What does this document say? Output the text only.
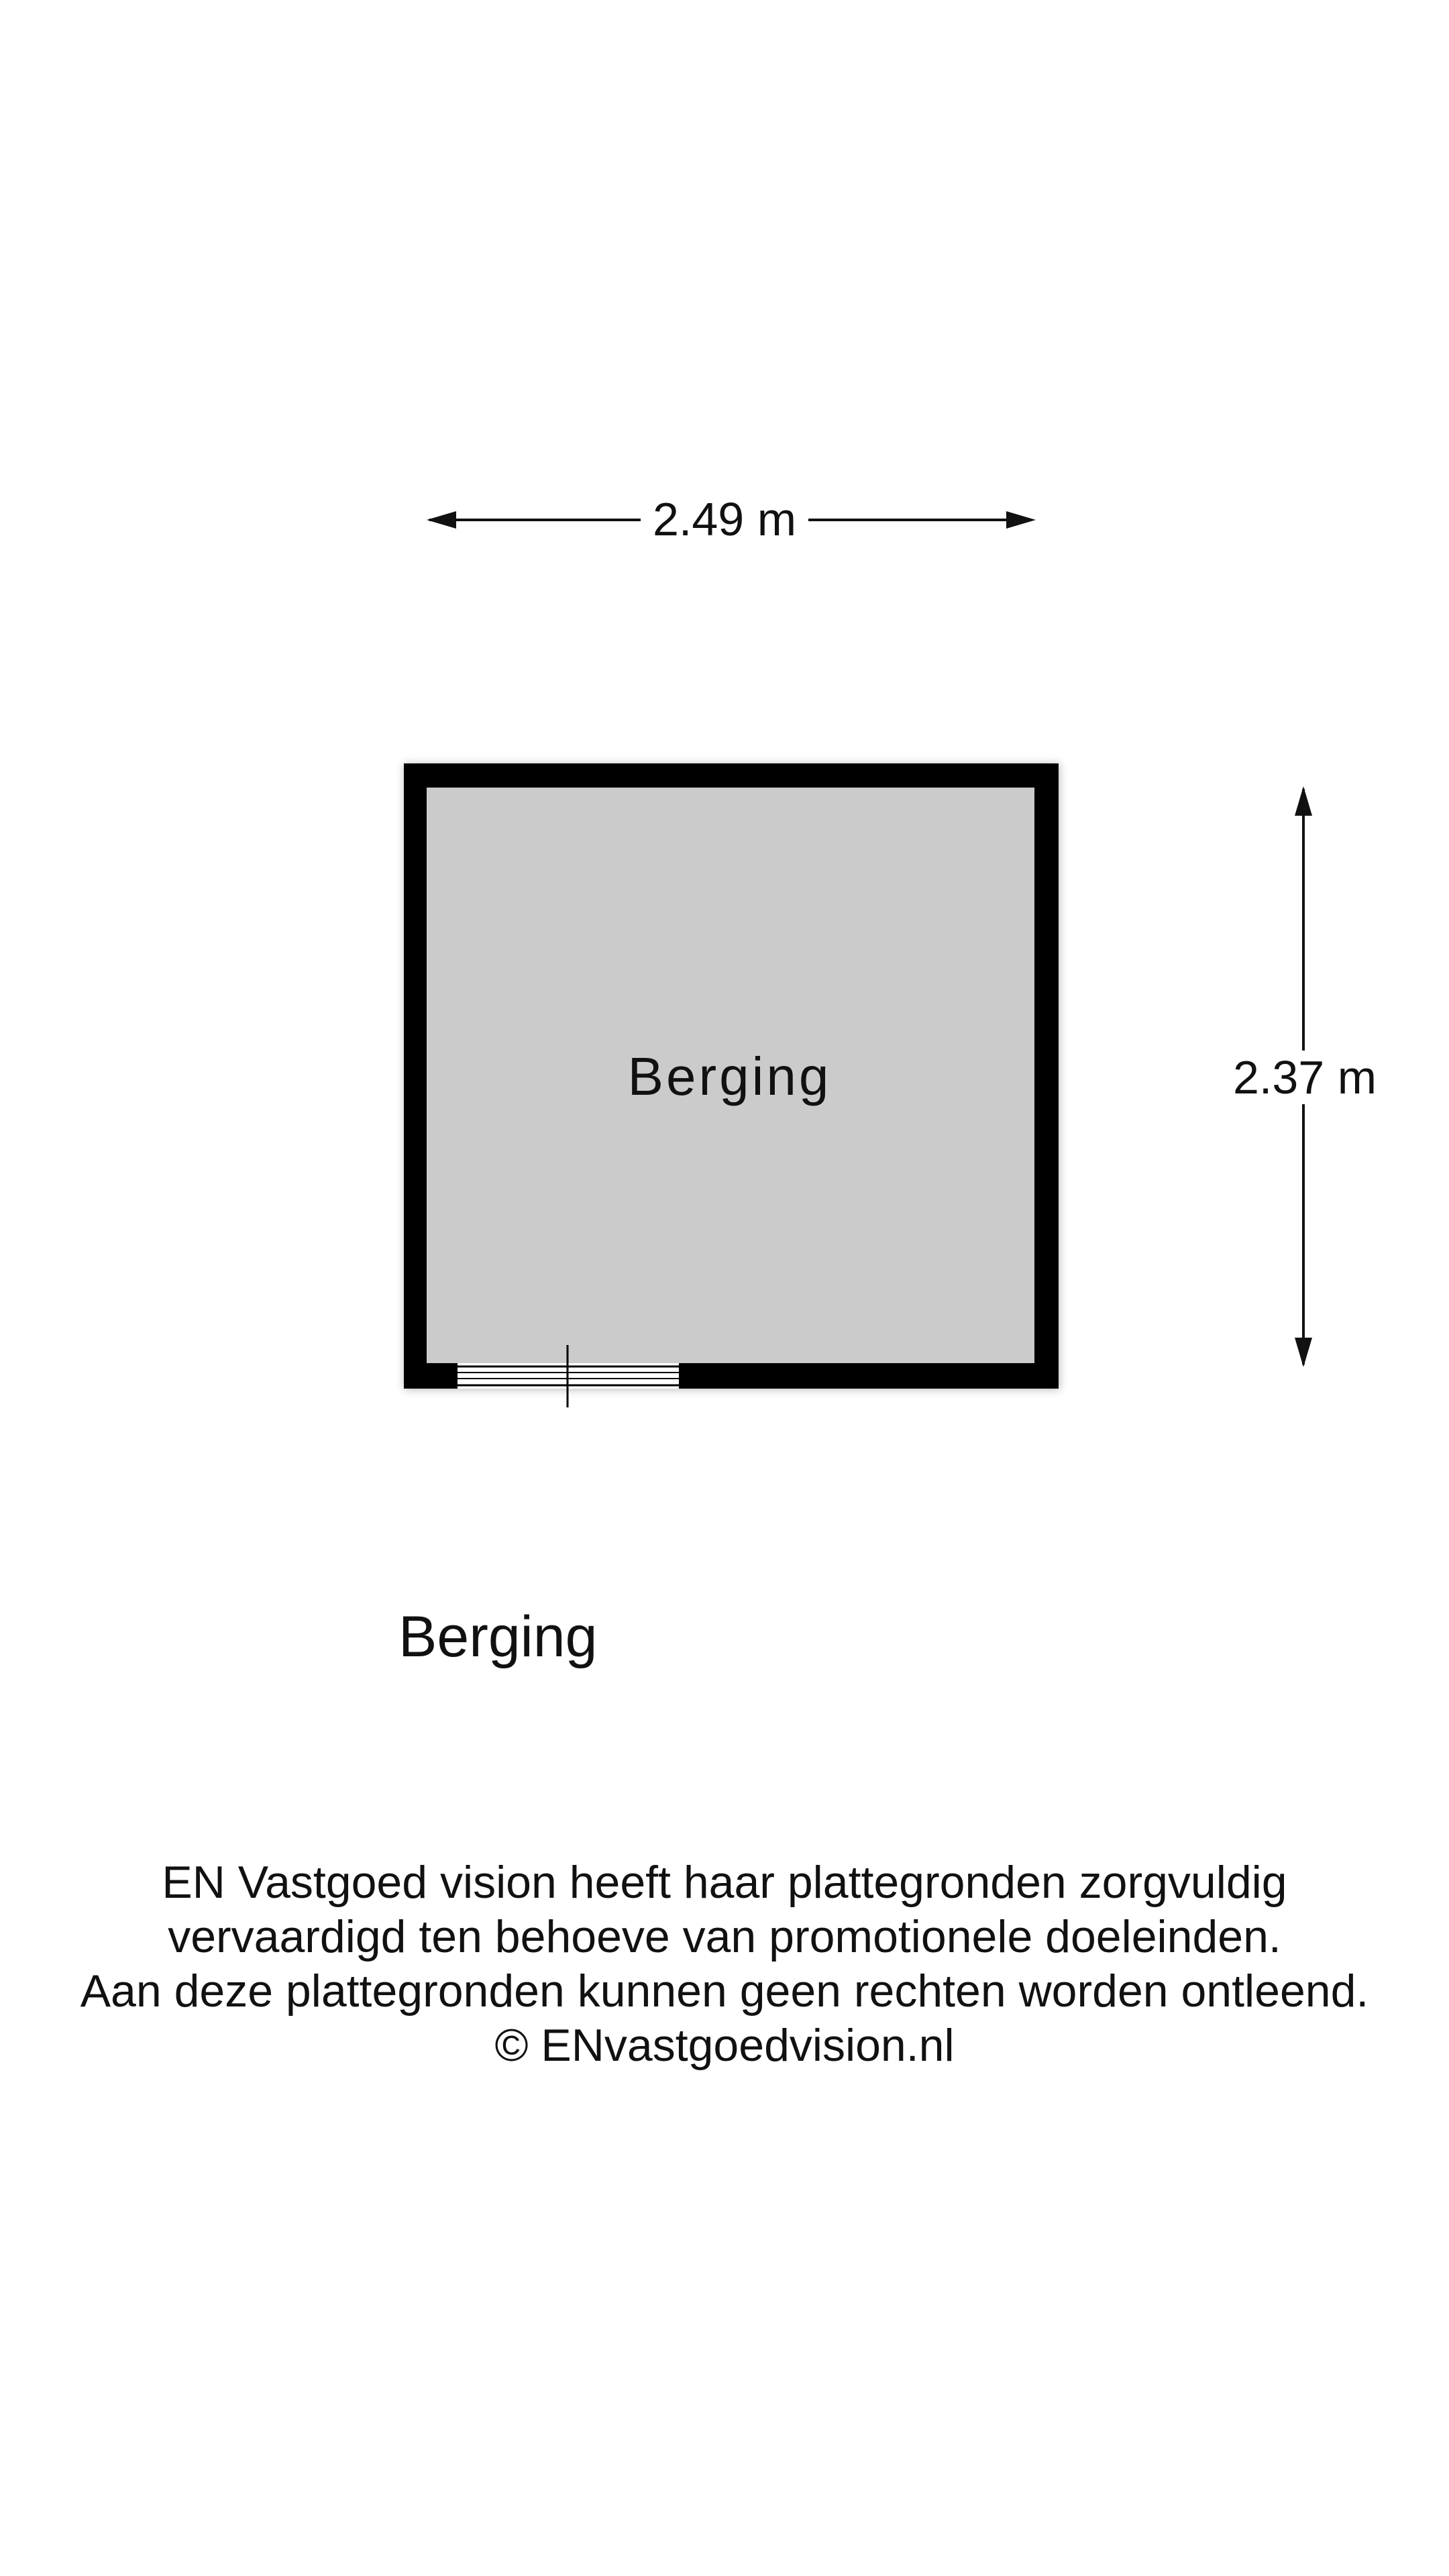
2.49 m
2.37 m
Berging
Berging
EN Vastgoed vision heeft haar plattegronden zorgvuldig
vervaardigd ten behoeve van promotionele doeleinden.
Aan deze plattegronden kunnen geen rechten worden ontleend.
© ENvastgoedvision.nl
